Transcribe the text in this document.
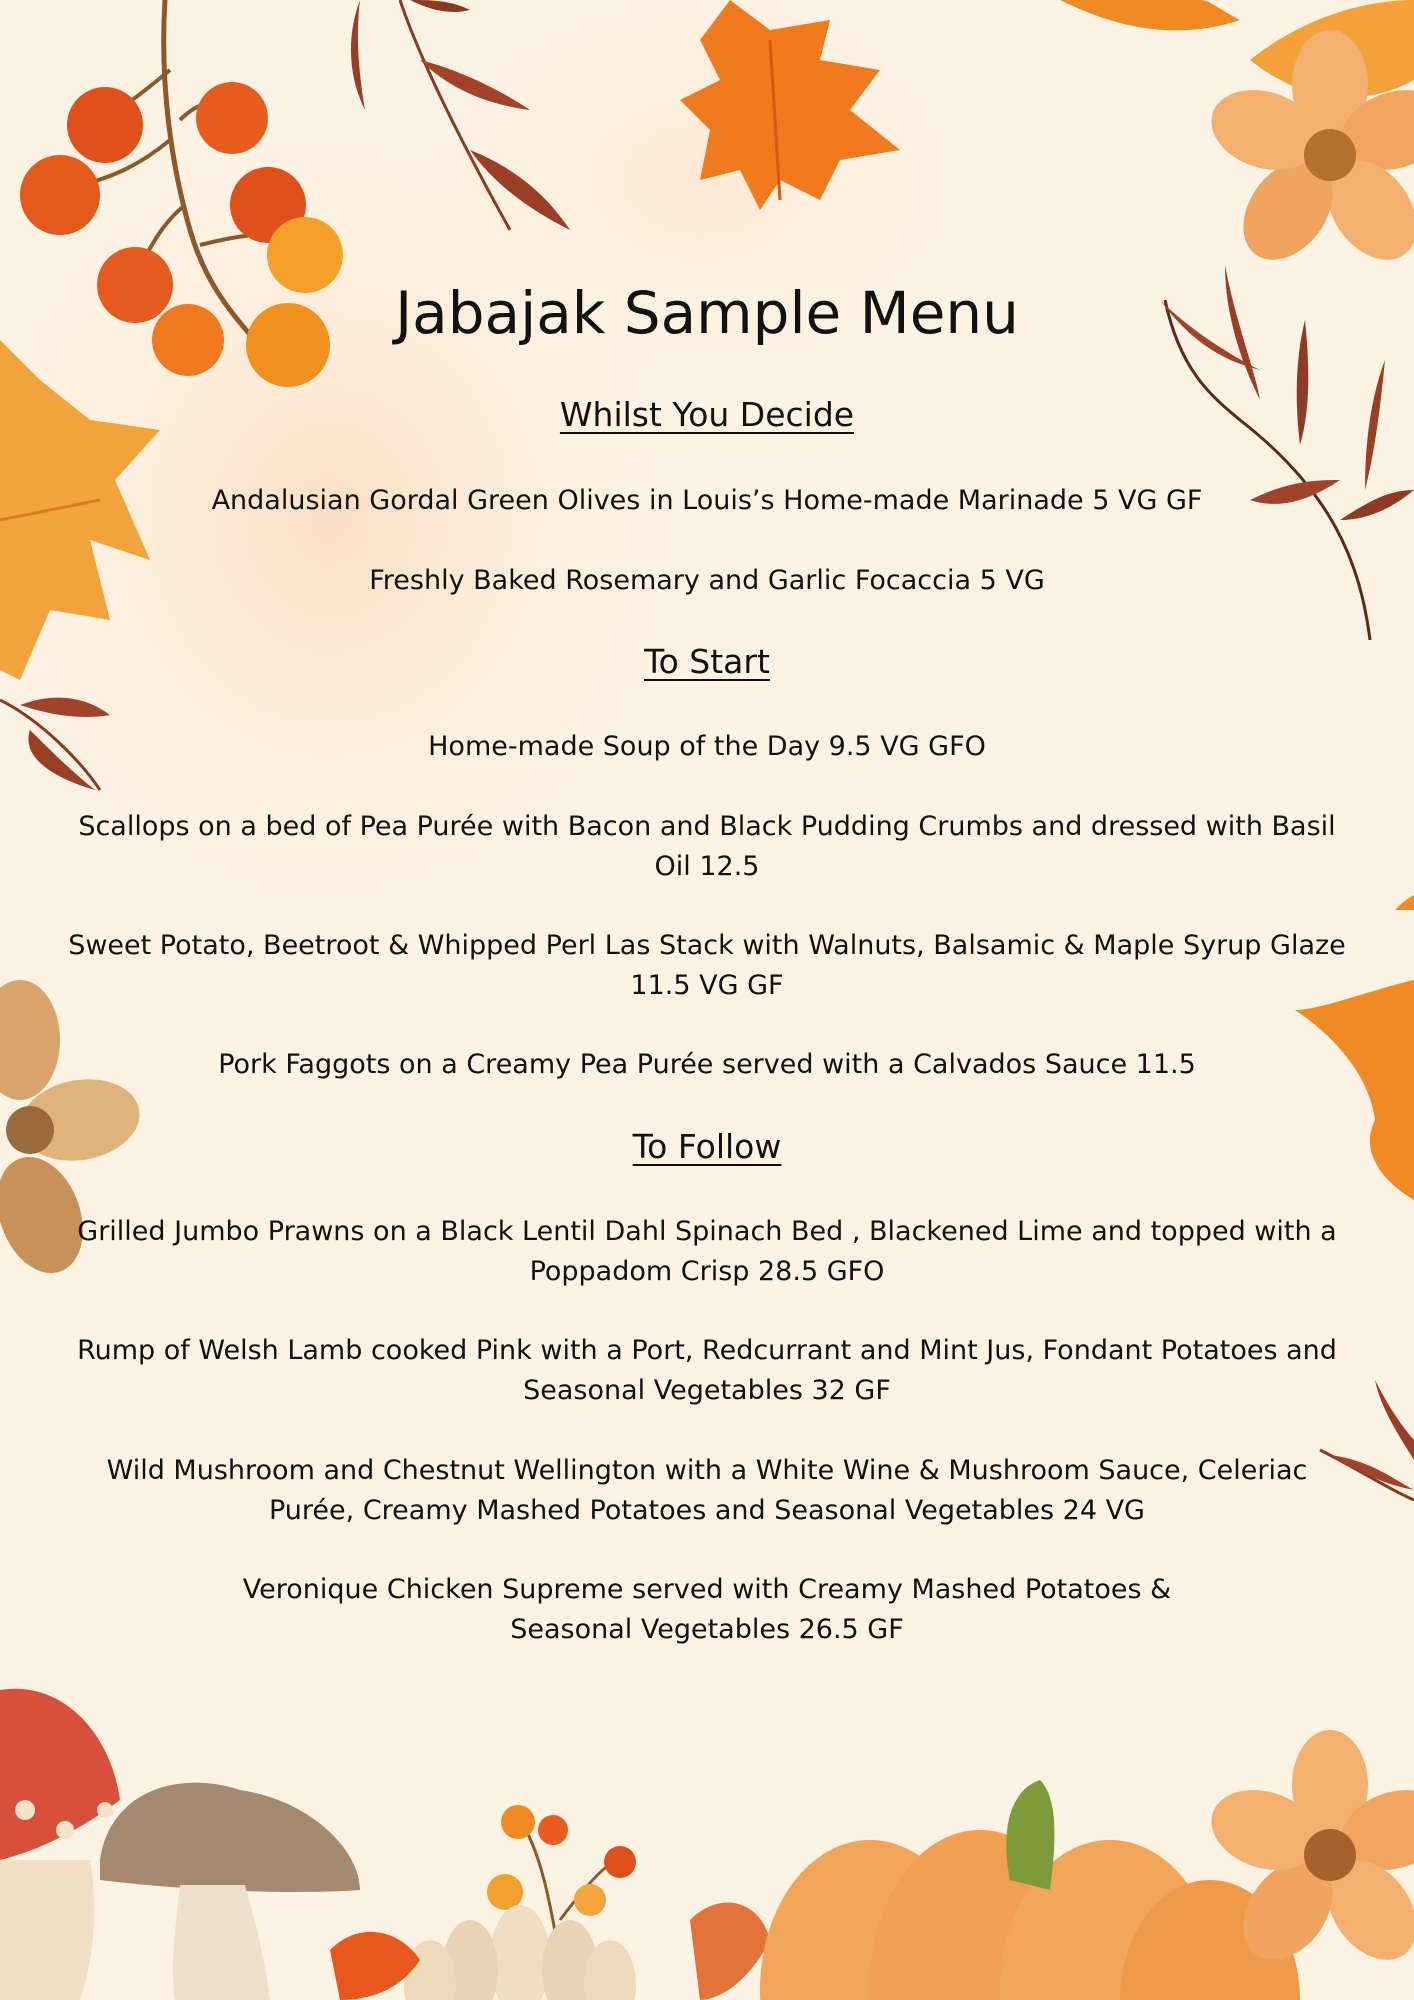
Jabajak Sample Menu
Whilst You Decide
Andalusian Gordal Green Olives in Louis’s Home-made Marinade 5 VG GF
Freshly Baked Rosemary and Garlic Focaccia 5 VG
To Start
Home-made Soup of the Day 9.5 VG GFO
Scallops on a bed of Pea Purée with Bacon and Black Pudding Crumbs and dressed with Basil
Oil 12.5
Sweet Potato, Beetroot & Whipped Perl Las Stack with Walnuts, Balsamic & Maple Syrup Glaze
11.5 VG GF
Pork Faggots on a Creamy Pea Purée served with a Calvados Sauce 11.5
To Follow
Grilled Jumbo Prawns on a Black Lentil Dahl Spinach Bed , Blackened Lime and topped with a
Poppadom Crisp 28.5 GFO
Rump of Welsh Lamb cooked Pink with a Port, Redcurrant and Mint Jus, Fondant Potatoes and
Seasonal Vegetables 32 GF
Wild Mushroom and Chestnut Wellington with a White Wine & Mushroom Sauce, Celeriac
Purée, Creamy Mashed Potatoes and Seasonal Vegetables 24 VG
Veronique Chicken Supreme served with Creamy Mashed Potatoes &
Seasonal Vegetables 26.5 GF
